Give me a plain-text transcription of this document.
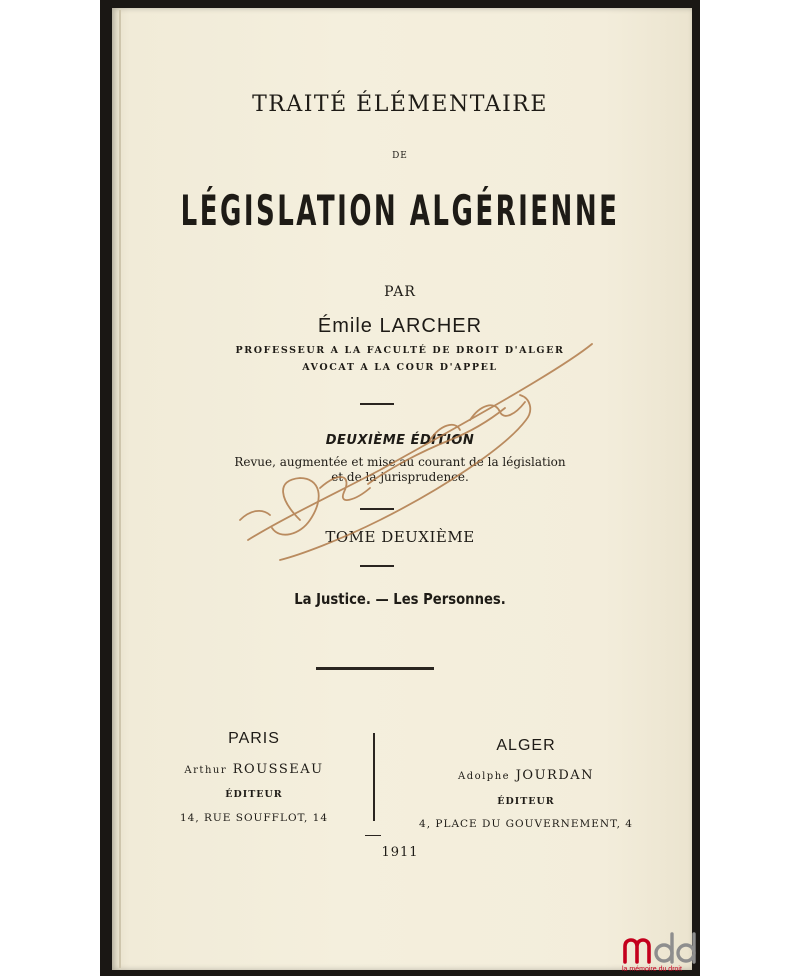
TRAITÉ ÉLÉMENTAIRE
DE
LÉGISLATION ALGÉRIENNE
PAR
Émile LARCHER
PROFESSEUR A LA FACULTÉ DE DROIT D'ALGER
AVOCAT A LA COUR D'APPEL
DEUXIÈME ÉDITION
Revue, augmentée et mise au courant de la législation
et de la jurisprudence.
TOME DEUXIÈME
La Justice. — Les Personnes.
PARIS
Arthur ROUSSEAU
ÉDITEUR
14, RUE SOUFFLOT, 14
ALGER
Adolphe JOURDAN
ÉDITEUR
4, PLACE DU GOUVERNEMENT, 4
1911
la mémoire du droit
